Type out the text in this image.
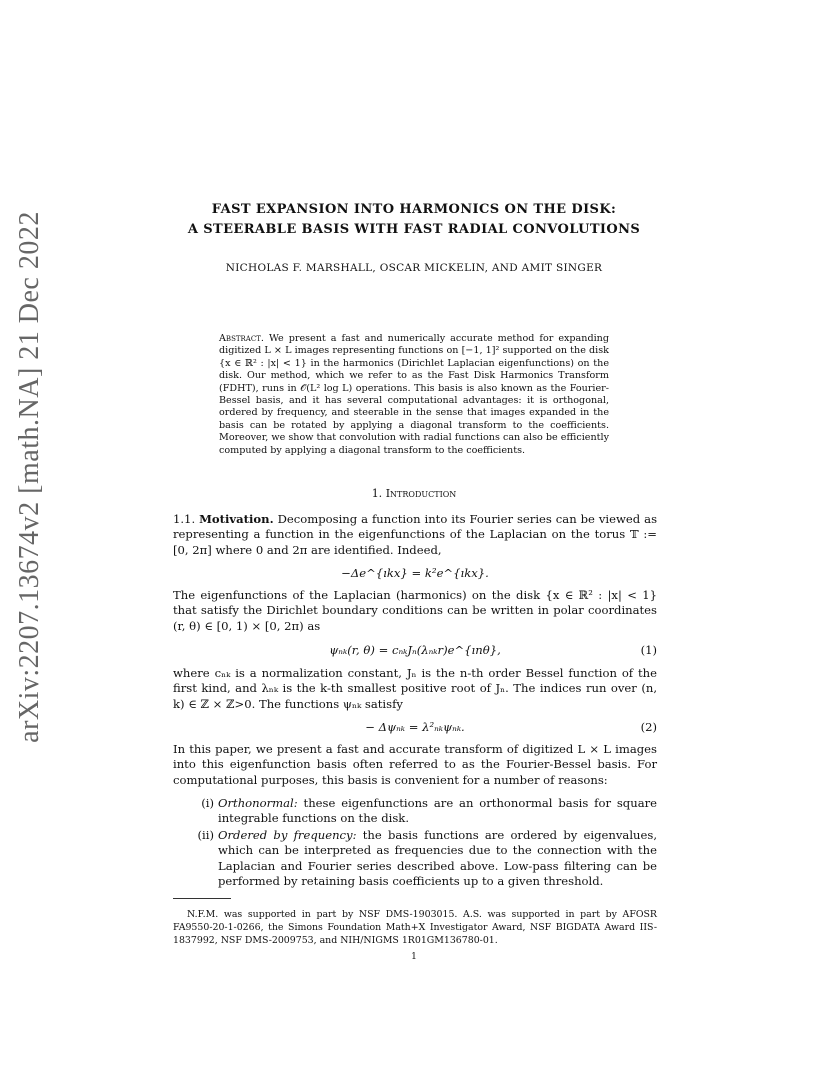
arXiv:2207.13674v2 [math.NA] 21 Dec 2022
FAST EXPANSION INTO HARMONICS ON THE DISK:
A STEERABLE BASIS WITH FAST RADIAL CONVOLUTIONS
NICHOLAS F. MARSHALL, OSCAR MICKELIN, AND AMIT SINGER
Abstract. We present a fast and numerically accurate method for expanding digitized L × L images representing functions on [−1, 1]² supported on the disk {x ∈ ℝ² : |x| < 1} in the harmonics (Dirichlet Laplacian eigenfunctions) on the disk. Our method, which we refer to as the Fast Disk Harmonics Transform (FDHT), runs in 𝒪(L² log L) operations. This basis is also known as the Fourier-Bessel basis, and it has several computational advantages: it is orthogonal, ordered by frequency, and steerable in the sense that images expanded in the basis can be rotated by applying a diagonal transform to the coefficients. Moreover, we show that convolution with radial functions can also be efficiently computed by applying a diagonal transform to the coefficients.
1. Introduction
1.1. Motivation. Decomposing a function into its Fourier series can be viewed as representing a function in the eigenfunctions of the Laplacian on the torus 𝕋 := [0, 2π] where 0 and 2π are identified. Indeed,
−Δe^{ıkx} = k²e^{ıkx}.
The eigenfunctions of the Laplacian (harmonics) on the disk {x ∈ ℝ² : |x| < 1} that satisfy the Dirichlet boundary conditions can be written in polar coordinates (r, θ) ∈ [0, 1) × [0, 2π) as
ψₙₖ(r, θ) = cₙₖJₙ(λₙₖr)e^{ınθ},	(1)
where cₙₖ is a normalization constant, Jₙ is the n-th order Bessel function of the first kind, and λₙₖ is the k-th smallest positive root of Jₙ. The indices run over (n, k) ∈ ℤ × ℤ>0. The functions ψₙₖ satisfy
− Δψₙₖ = λ²ₙₖψₙₖ.	(2)
In this paper, we present a fast and accurate transform of digitized L × L images into this eigenfunction basis often referred to as the Fourier-Bessel basis. For computational purposes, this basis is convenient for a number of reasons:
(i) Orthonormal: these eigenfunctions are an orthonormal basis for square integrable functions on the disk.
(ii) Ordered by frequency: the basis functions are ordered by eigenvalues, which can be interpreted as frequencies due to the connection with the Laplacian and Fourier series described above. Low-pass filtering can be performed by retaining basis coefficients up to a given threshold.
N.F.M. was supported in part by NSF DMS-1903015. A.S. was supported in part by AFOSR FA9550-20-1-0266, the Simons Foundation Math+X Investigator Award, NSF BIGDATA Award IIS-1837992, NSF DMS-2009753, and NIH/NIGMS 1R01GM136780-01.
1
